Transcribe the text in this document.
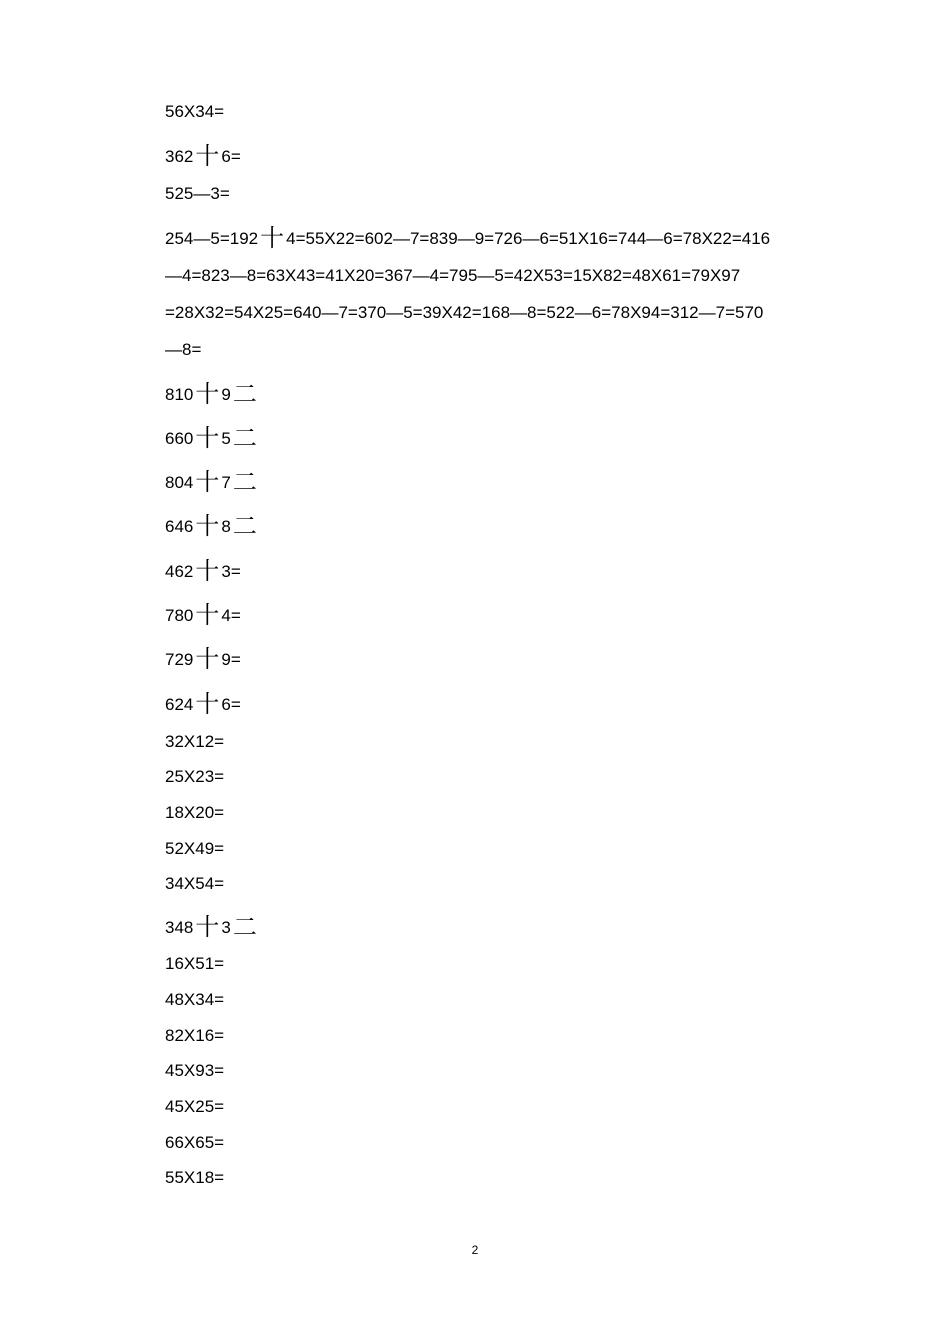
56X34=
362十 6=
525—3=
254—5=192十 4=55X22=602—7=839—9=726—6=51X16=744—6=78X22=416
—4=823—8=63X43=41X20=367—4=795—5=42X53=15X82=48X61=79X97
=28X32=54X25=640—7=370—5=39X42=168—8=522—6=78X94=312—7=570
—8=
810十 9二
660十 5二
804十 7二
646十 8二
462十 3=
780十 4=
729十 9=
624十 6=
32X12=
25X23=
18X20=
52X49=
34X54=
348十 3二
16X51=
48X34=
82X16=
45X93=
45X25=
66X65=
55X18=
2
